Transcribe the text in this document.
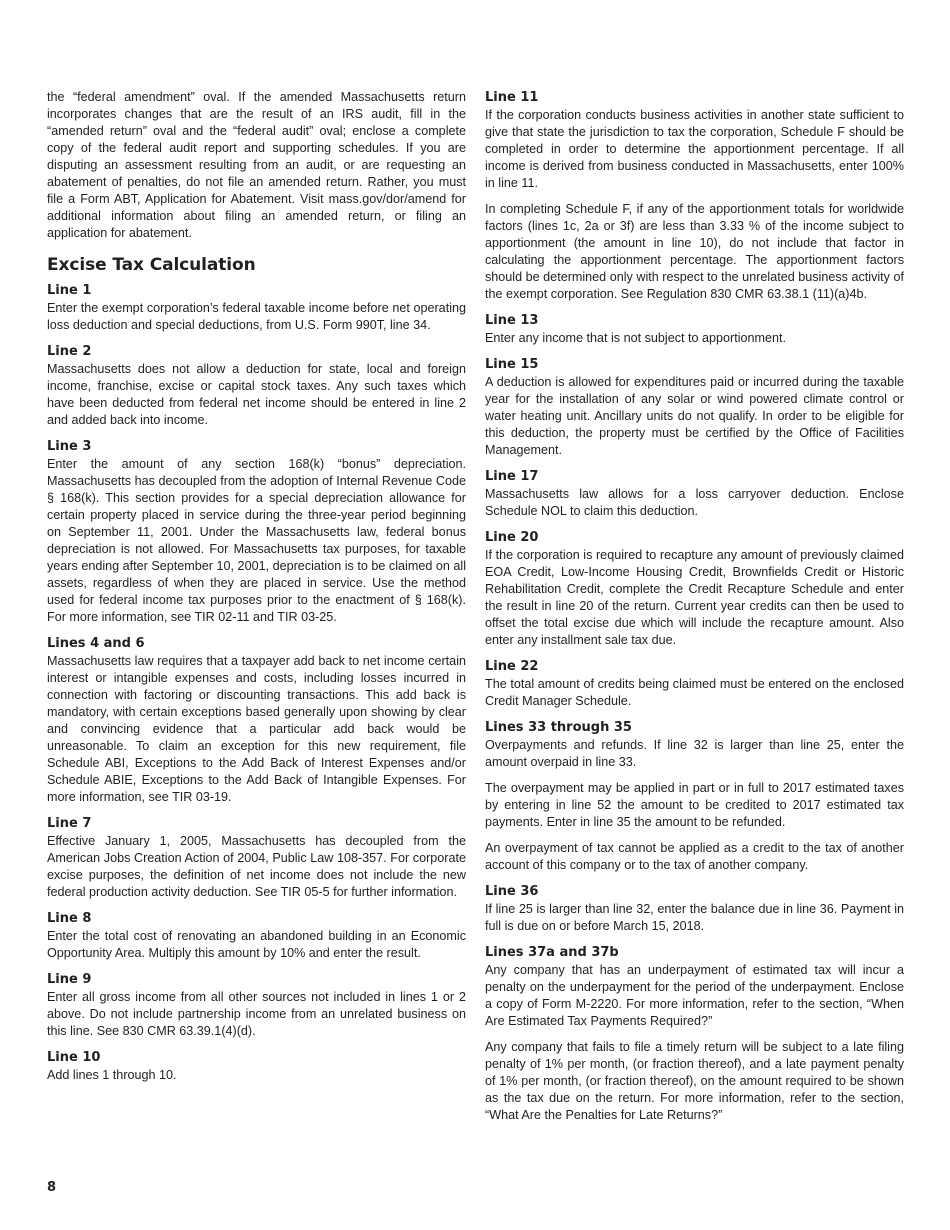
the “federal amendment” oval. If the amended Massachusetts return incorporates changes that are the result of an IRS audit, fill in the “amended return” oval and the “federal audit” oval; enclose a complete copy of the federal audit report and supporting schedules. If you are disputing an assessment resulting from an audit, or are requesting an abatement of penalties, do not file an amended return. Rather, you must file a Form ABT, Application for Abatement. Visit mass.gov/dor/amend for additional information about filing an amended return, or filing an application for abatement.

Excise Tax Calculation
Line 1

Enter the exempt corporation’s federal taxable income before net operating loss deduction and special deductions, from U.S. Form 990T, line 34.

Line 2

Massachusetts does not allow a deduction for state, local and foreign income, franchise, excise or capital stock taxes. Any such taxes which have been deducted from federal net income should be entered in line 2 and added back into income.

Line 3

Enter the amount of any section 168(k) “bonus” depreciation. Massachusetts has decoupled from the adoption of Internal Revenue Code § 168(k). This section provides for a special depreciation allowance for certain property placed in service during the three-year period beginning on September 11, 2001. Under the Massachusetts law, federal bonus depreciation is not allowed. For Massachusetts tax purposes, for taxable years ending after September 10, 2001, depreciation is to be claimed on all assets, regardless of when they are placed in service. Use the method used for federal income tax purposes prior to the enactment of § 168(k). For more information, see TIR 02-11 and TIR 03-25.

Lines 4 and 6

Massachusetts law requires that a taxpayer add back to net income certain interest or intangible expenses and costs, including losses incurred in connection with factoring or discounting transactions. This add back is mandatory, with certain exceptions based generally upon showing by clear and convincing evidence that a particular add back would be unreasonable. To claim an exception for this new requirement, file Schedule ABI, Exceptions to the Add Back of Interest Expenses and/or Schedule ABIE, Exceptions to the Add Back of Intangible Expenses. For more information, see TIR 03-19.

Line 7

Effective January 1, 2005, Massachusetts has decoupled from the American Jobs Creation Action of 2004, Public Law 108-357. For corporate excise purposes, the definition of net income does not include the new federal production activity deduction. See TIR 05-5 for further information.

Line 8

Enter the total cost of renovating an abandoned building in an Economic Opportunity Area. Multiply this amount by 10% and enter the result.

Line 9

Enter all gross income from all other sources not included in lines 1 or 2 above. Do not include partnership income from an unrelated business on this line. See 830 CMR 63.39.1(4)(d).

Line 10

Add lines 1 through 10.

Line 11

If the corporation conducts business activities in another state sufficient to give that state the jurisdiction to tax the corporation, Schedule F should be completed in order to determine the apportionment percentage. If all income is derived from business conducted in Massachusetts, enter 100% in line 11.

In completing Schedule F, if any of the apportionment totals for worldwide factors (lines 1c, 2a or 3f) are less than 3.33 % of the income subject to apportionment (the amount in line 10), do not include that factor in calculating the apportionment percentage. The apportionment factors should be determined only with respect to the unrelated business activity of the exempt corporation. See Regulation 830 CMR 63.38.1 (11)(a)4b.

Line 13

Enter any income that is not subject to apportionment.

Line 15

A deduction is allowed for expenditures paid or incurred during the taxable year for the installation of any solar or wind powered climate control or water heating unit. Ancillary units do not qualify. In order to be eligible for this deduction, the property must be certified by the Office of Facilities Management.

Line 17

Massachusetts law allows for a loss carryover deduction. Enclose Schedule NOL to claim this deduction.

Line 20

If the corporation is required to recapture any amount of previously claimed EOA Credit, Low-Income Housing Credit, Brownfields Credit or Historic Rehabilitation Credit, complete the Credit Recapture Schedule and enter the result in line 20 of the return. Current year credits can then be used to offset the total excise due which will include the recapture amount. Also enter any installment sale tax due.

Line 22

The total amount of credits being claimed must be entered on the enclosed Credit Manager Schedule.

Lines 33 through 35

Overpayments and refunds. If line 32 is larger than line 25, enter the amount overpaid in line 33.

The overpayment may be applied in part or in full to 2017 estimated taxes by entering in line 52 the amount to be credited to 2017 estimated tax payments. Enter in line 35 the amount to be refunded.

An overpayment of tax cannot be applied as a credit to the tax of another account of this company or to the tax of another company.

Line 36

If line 25 is larger than line 32, enter the balance due in line 36. Payment in full is due on or before March 15, 2018.

Lines 37a and 37b

Any company that has an underpayment of estimated tax will incur a penalty on the underpayment for the period of the underpayment. Enclose a copy of Form M-2220. For more information, refer to the section, “When Are Estimated Tax Payments Required?”

Any company that fails to file a timely return will be subject to a late filing penalty of 1% per month, (or fraction thereof), and a late payment penalty of 1% per month, (or fraction thereof), on the amount required to be shown as the tax due on the return. For more information, refer to the section, “What Are the Penalties for Late Returns?”

8
